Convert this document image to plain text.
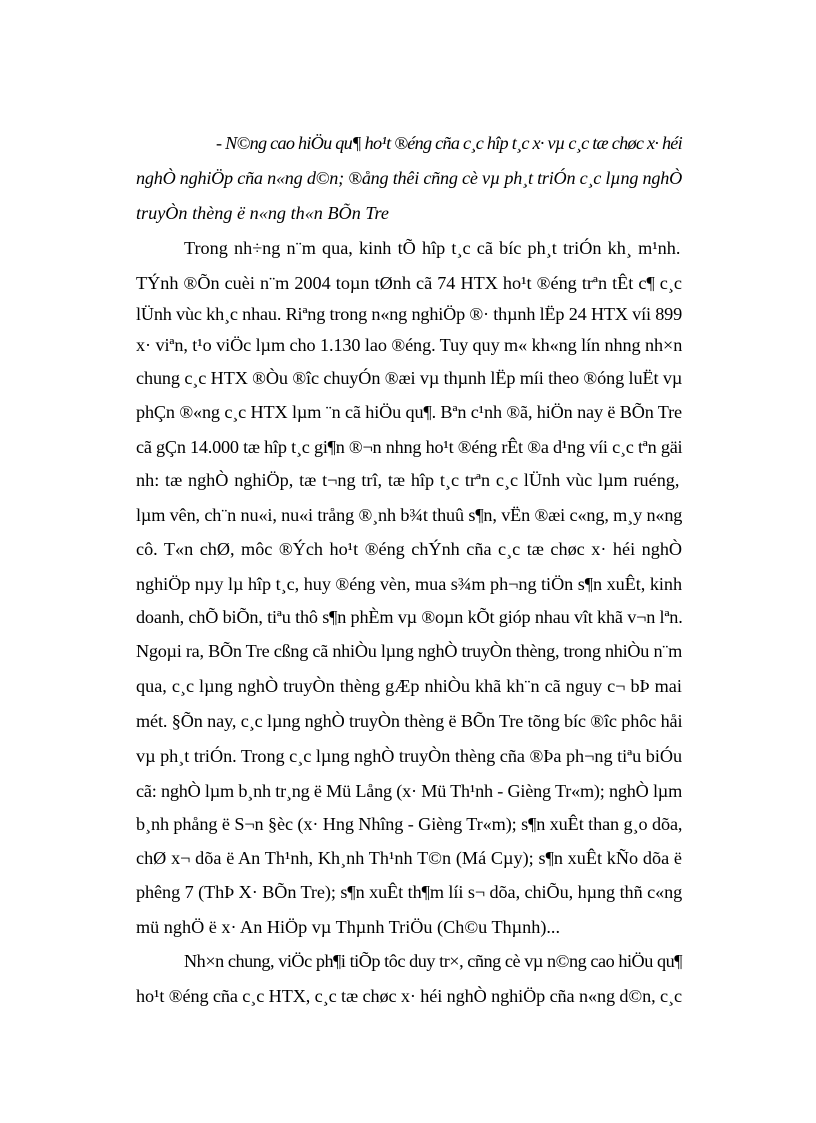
- N©ng cao hiÖu qu¶ ho¹t ®éng cña c¸c hîp t¸c x· vµ c¸c tæ chøc x· héi
nghÒ nghiÖp cña n«ng d©n; ®ång thêi cñng cè vµ ph¸t triÓn c¸c lµng nghÒ
truyÒn thèng ë n«ng th«n BÕn Tre
Trong nh÷ng n¨m qua, kinh tÕ hîp t¸c cã bíc ph¸t triÓn kh¸ m¹nh.
TÝnh ®Õn cuèi n¨m 2004 toµn tØnh cã 74 HTX ho¹t ®éng trªn tÊt c¶ c¸c
lÜnh vùc kh¸c nhau. Riªng trong n«ng nghiÖp ®· thµnh lËp 24 HTX víi 899
x· viªn, t¹o viÖc lµm cho 1.130 lao ®éng. Tuy quy m« kh«ng lín nhng nh×n
chung c¸c HTX ®Òu ®îc chuyÓn ®æi vµ thµnh lËp míi theo ®óng luËt vµ
phÇn ®«ng c¸c HTX lµm ¨n cã hiÖu qu¶. Bªn c¹nh ®ã, hiÖn nay ë BÕn Tre
cã gÇn 14.000 tæ hîp t¸c gi¶n ®¬n nhng ho¹t ®éng rÊt ®a d¹ng víi c¸c tªn gäi
nh: tæ nghÒ nghiÖp, tæ t¬ng trî, tæ hîp t¸c trªn c¸c lÜnh vùc lµm ruéng,
lµm vên, ch¨n nu«i, nu«i trång ®¸nh b¾t thuû s¶n, vËn ®æi c«ng, m¸y n«ng
cô. T«n chØ, môc ®Ých ho¹t ®éng chÝnh cña c¸c tæ chøc x· héi nghÒ
nghiÖp nµy lµ hîp t¸c, huy ®éng vèn, mua s¾m ph¬ng tiÖn s¶n xuÊt, kinh
doanh, chÕ biÕn, tiªu thô s¶n phÈm vµ ®oµn kÕt gióp nhau vît khã v¬n lªn.
Ngoµi ra, BÕn Tre cßng cã nhiÒu lµng nghÒ truyÒn thèng, trong nhiÒu n¨m
qua, c¸c lµng nghÒ truyÒn thèng gÆp nhiÒu khã kh¨n cã nguy c¬ bÞ mai
mét. §Õn nay, c¸c lµng nghÒ truyÒn thèng ë BÕn Tre tõng bíc ®îc phôc håi
vµ ph¸t triÓn. Trong c¸c lµng nghÒ truyÒn thèng cña ®Þa ph¬ng tiªu biÓu
cã: nghÒ lµm b¸nh tr¸ng ë Mü Lång (x· Mü Th¹nh - Gièng Tr«m); nghÒ lµm
b¸nh phång ë S¬n §èc (x· Hng Nhîng - Gièng Tr«m); s¶n xuÊt than g¸o dõa,
chØ x¬ dõa ë An Th¹nh, Kh¸nh Th¹nh T©n (Má Cµy); s¶n xuÊt kÑo dõa ë
phêng 7 (ThÞ X· BÕn Tre); s¶n xuÊt th¶m líi s¬ dõa, chiÕu, hµng thñ c«ng
mü nghÖ ë x· An HiÖp vµ Thµnh TriÖu (Ch©u Thµnh)...
Nh×n chung, viÖc ph¶i tiÕp tôc duy tr×, cñng cè vµ n©ng cao hiÖu qu¶
ho¹t ®éng cña c¸c HTX, c¸c tæ chøc x· héi nghÒ nghiÖp cña n«ng d©n, c¸c
